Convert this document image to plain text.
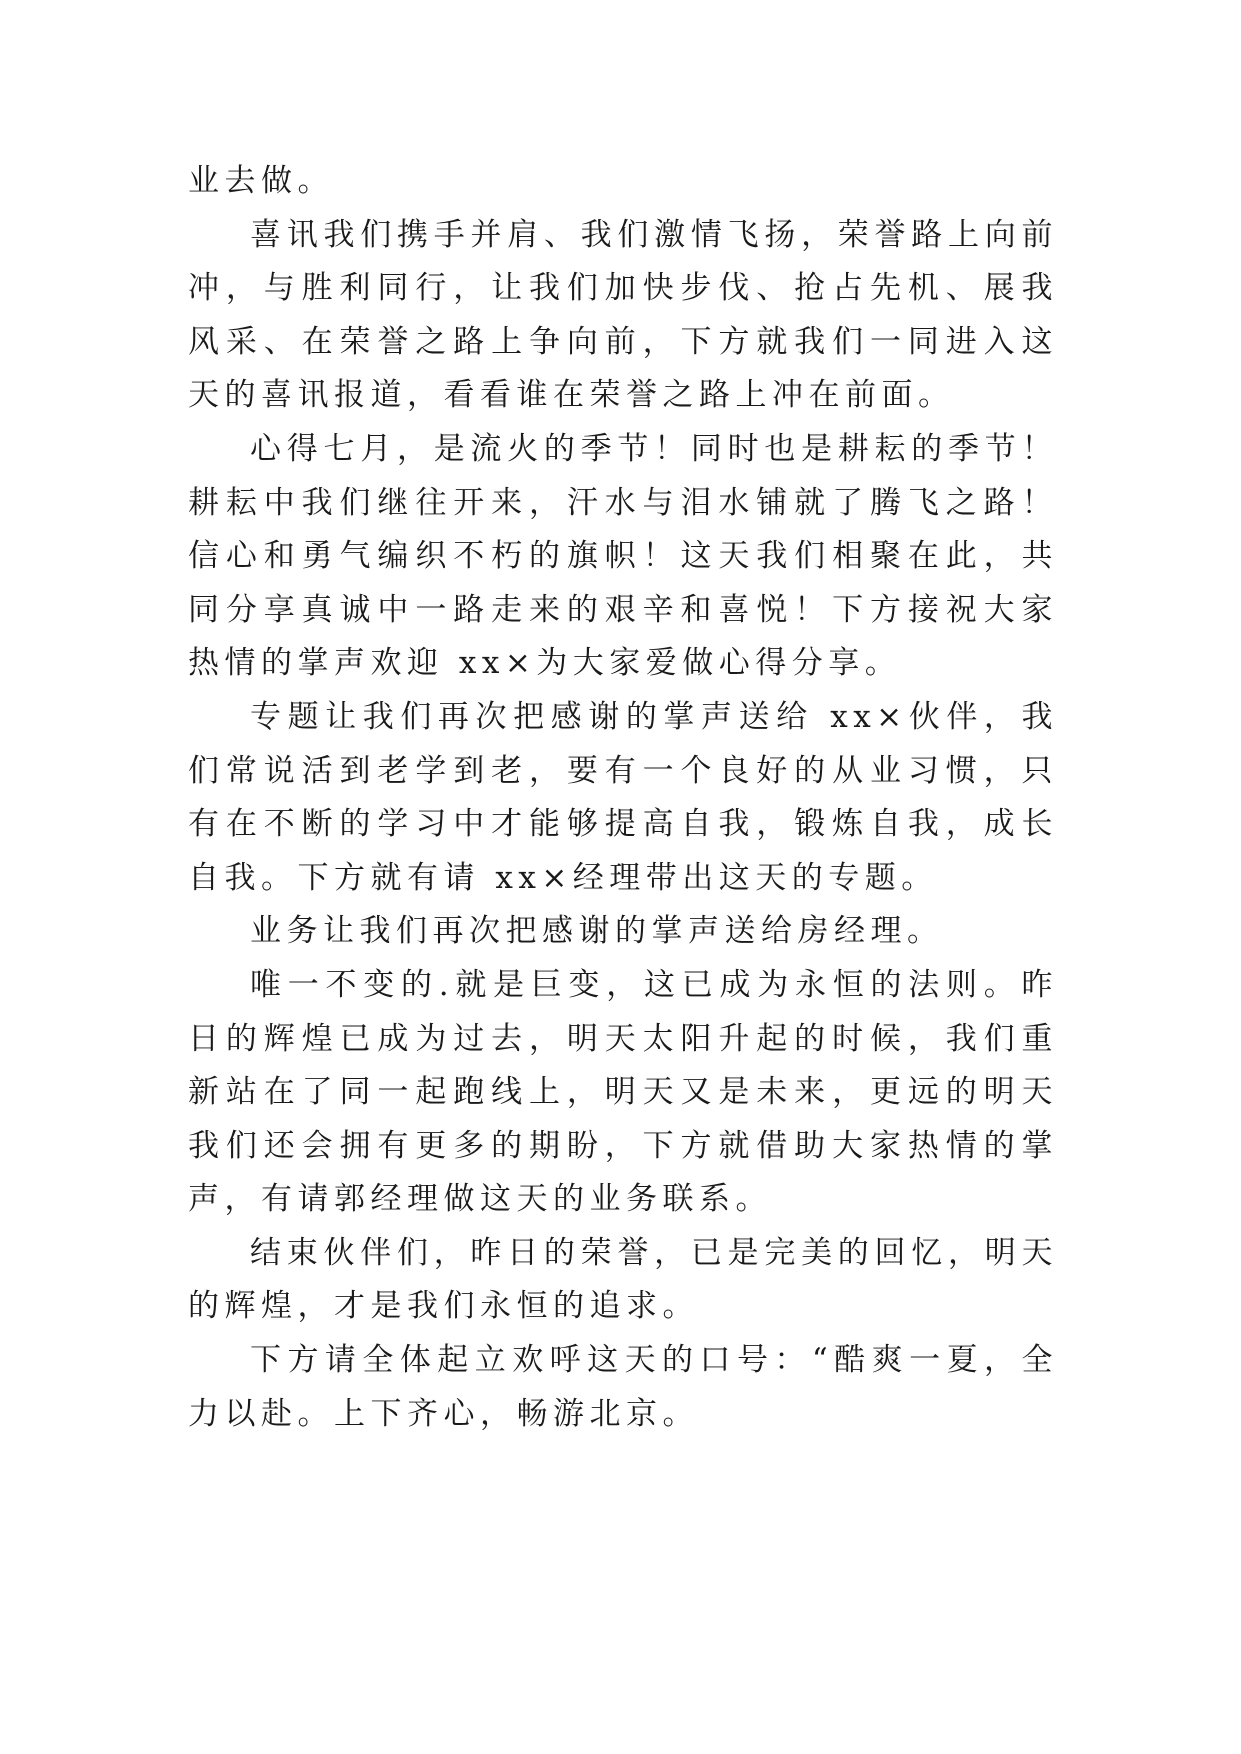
业去做。

喜讯我们携手并肩、我们激情飞扬，荣誉路上向前冲，与胜利同行，让我们加快步伐、抢占先机、展我风采、在荣誉之路上争向前，下方就我们一同进入这天的喜讯报道，看看谁在荣誉之路上冲在前面。

心得七月，是流火的季节！同时也是耕耘的季节！耕耘中我们继往开来，汗水与泪水铺就了腾飞之路！信心和勇气编织不朽的旗帜！这天我们相聚在此，共同分享真诚中一路走来的艰辛和喜悦！下方接祝大家热情的掌声欢迎 xx×为大家爱做心得分享。

专题让我们再次把感谢的掌声送给 xx×伙伴，我们常说活到老学到老，要有一个良好的从业习惯，只有在不断的学习中才能够提高自我，锻炼自我，成长自我。下方就有请 xx×经理带出这天的专题。

业务让我们再次把感谢的掌声送给房经理。

唯一不变的.就是巨变，这已成为永恒的法则。昨日的辉煌已成为过去，明天太阳升起的时候，我们重新站在了同一起跑线上，明天又是未来，更远的明天我们还会拥有更多的期盼，下方就借助大家热情的掌声，有请郭经理做这天的业务联系。

结束伙伴们，昨日的荣誉，已是完美的回忆，明天的辉煌，才是我们永恒的追求。

下方请全体起立欢呼这天的口号：“酷爽一夏，全力以赴。上下齐心，畅游北京。
